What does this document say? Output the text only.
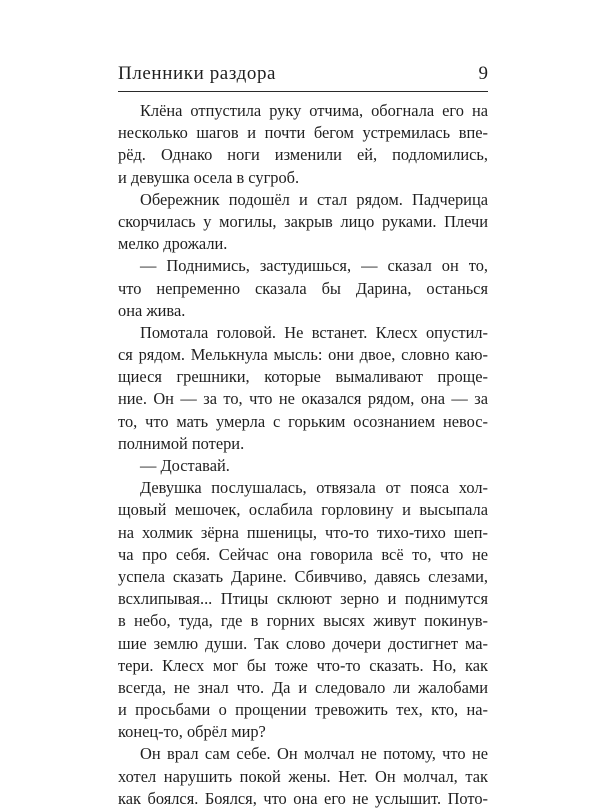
Пленники раздора	9
Клёна отпустила руку отчима, обогнала его на
несколько шагов и почти бегом устремилась впе-
рёд. Однако ноги изменили ей, подломились,
и девушка осела в сугроб.
Обережник подошёл и стал рядом. Падчерица
скорчилась у могилы, закрыв лицо руками. Плечи
мелко дрожали.
— Поднимись, застудишься, — сказал он то,
что непременно сказала бы Дарина, останься
она жива.
Помотала головой. Не встанет. Клесх опустил-
ся рядом. Мелькнула мысль: они двое, словно каю-
щиеся грешники, которые вымаливают проще-
ние. Он — за то, что не оказался рядом, она — за
то, что мать умерла с горьким осознанием невос-
полнимой потери.
— Доставай.
Девушка послушалась, отвязала от пояса хол-
щовый мешочек, ослабила горловину и высыпала
на холмик зёрна пшеницы, что-то тихо-тихо шеп-
ча про себя. Сейчас она говорила всё то, что не
успела сказать Дарине. Сбивчиво, давясь слезами,
всхлипывая... Птицы склюют зерно и поднимутся
в небо, туда, где в горних высях живут покинув-
шие землю души. Так слово дочери достигнет ма-
тери. Клесх мог бы тоже что-то сказать. Но, как
всегда, не знал что. Да и следовало ли жалобами
и просьбами о прощении тревожить тех, кто, на-
конец-то, обрёл мир?
Он врал сам себе. Он молчал не потому, что не
хотел нарушить покой жены. Нет. Он молчал, так
как боялся. Боялся, что она его не услышит. Пото-
